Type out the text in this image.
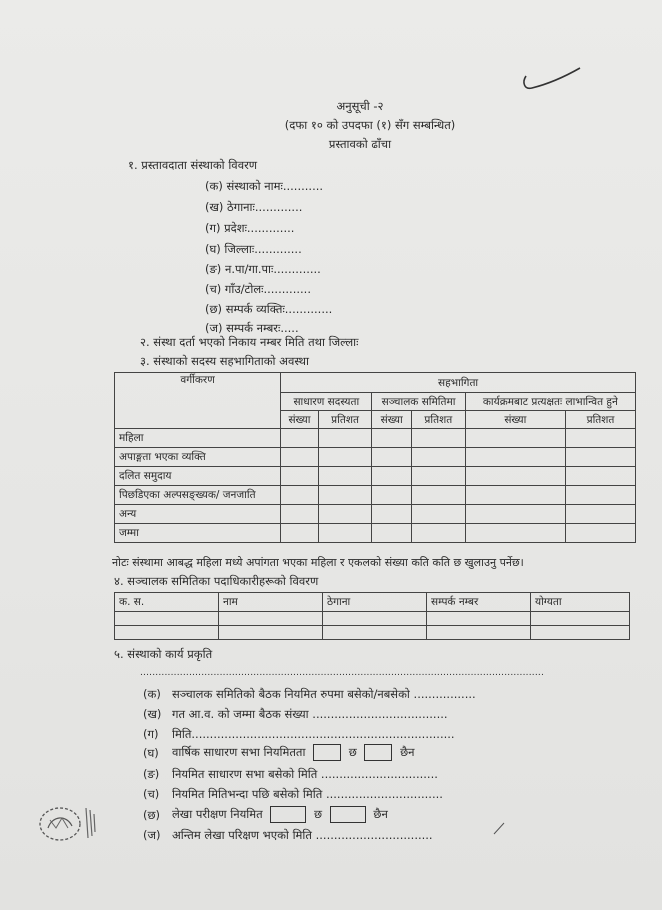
अनुसूची -२
(दफा १० को उपदफा (१) सँग सम्बन्धित)
प्रस्तावको ढाँचा
१. प्रस्तावदाता संस्थाको विवरण
(क) संस्थाको नामः...........
(ख) ठेगानाः.............
(ग) प्रदेशः.............
(घ) जिल्लाः.............
(ङ) न.पा/गा.पाः.............
(च) गाँउ/टोलः.............
(छ) सम्पर्क व्यक्तिः.............
(ज) सम्पर्क नम्बरः.....
२. संस्था दर्ता भएको निकाय नम्बर मिति तथा जिल्लाः
३. संस्थाको सदस्य सहभागिताको अवस्था
वर्गीकरण	सहभागिता					
	साधारण सदस्यता		सञ्चालक समितिमा		कार्यक्रमबाट प्रत्यक्षतः लाभान्वित हुने	
	संख्या	प्रतिशत	संख्या	प्रतिशत	संख्या	प्रतिशत
महिला						
अपाङ्गता भएका व्यक्ति						
दलित समुदाय						
पिछडिएका अल्पसङ्ख्यक/ जनजाति						
अन्य						
जम्मा						
नोटः संस्थामा आबद्ध महिला मध्ये अपांगता भएका महिला र एकलको संख्या कति कति छ खुलाउनु पर्नेछ।
४. सञ्चालक समितिका पदाधिकारीहरूको विवरण
क. स.	नाम	ठेगाना	सम्पर्क नम्बर	योग्यता

५. संस्थाको कार्य प्रकृति
....................................................................................................................................
(क) सञ्चालक समितिको बैठक नियमित रुपमा बसेको/नबसेको .................
(ख) गत आ.व. को जम्मा बैठक संख्या .....................................
(ग) मिति........................................................................
(घ) वार्षिक साधारण सभा नियमितता	छ	छैन
(ङ) नियमित साधारण सभा बसेको मिति ................................
(च) नियमित मितिभन्दा पछि बसेको मिति ................................
(छ) लेखा परीक्षण नियमित	छ	छैन
(ज) अन्तिम लेखा परिक्षण भएको मिति ................................
